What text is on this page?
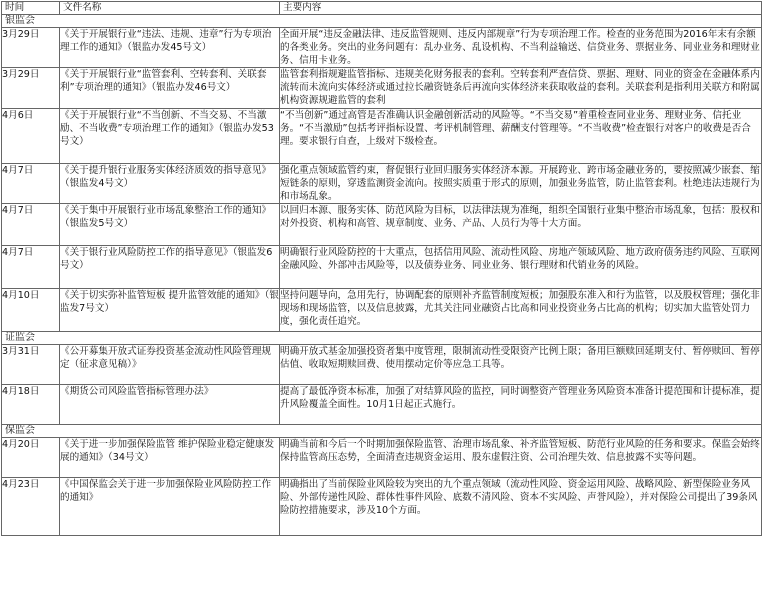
时间	文件名称	主要内容
银监会		
3月29日	《关于开展银行业“违法、违规、违章”行为专项治理工作的通知》（银监办发45号文）	全面开展“违反金融法律、违反监管规则、违反内部规章”行为专项治理工作。检查的业务范围为2016年末有余额的各类业务。突出的业务问题有：乱办业务、乱设机构、不当利益输送、信贷业务、票据业务、同业业务和理财业务、信用卡业务。
3月29日	《关于开展银行业“监管套利、空转套利、关联套利”专项治理的通知》（银监办发46号文）	监管套利指规避监管指标、违规美化财务报表的套利。空转套利严查信贷、票据、理财、同业的资金在金融体系内流转而未流向实体经济或通过拉长融资链条后再流向实体经济来获取收益的套利。关联套利是指利用关联方和附属机构资源规避监管的套利
4月6日	《关于开展银行业“不当创新、不当交易、不当激励、不当收费”专项治理工作的通知》（银监办发53号文）	“不当创新”通过高管是否准确认识金融创新活动的风险等。“不当交易”着重检查同业业务、理财业务、信托业务。“不当激励”包括考评指标设置、考评机制管理、薪酬支付管理等。“不当收费”检查银行对客户的收费是否合理。要求银行自查，上级对下级检查。
4月7日	《关于提升银行业服务实体经济质效的指导意见》（银监发4号文）	强化重点领域监管约束，督促银行业回归服务实体经济本源。开展跨业、跨市场金融业务的，要按照减少嵌套、缩短链条的原则，穿透监测资金流向。按照实质重于形式的原则，加强业务监管，防止监管套利。杜绝违法违规行为和市场乱象。
4月7日	《关于集中开展银行业市场乱象整治工作的通知》（银监发5号文）	以回归本源、服务实体、防范风险为目标，以法律法规为准绳，组织全国银行业集中整治市场乱象，包括：股权和对外投资、机构和高管、规章制度、业务、产品、人员行为等十大方面。
4月7日	《关于银行业风险防控工作的指导意见》（银监发6号文）	明确银行业风险防控的十大重点，包括信用风险、流动性风险、房地产领域风险、地方政府债务违约风险、互联网金融风险、外部冲击风险等，以及债券业务、同业业务、银行理财和代销业务的风险。
4月10日	《关于切实弥补监管短板 提升监管效能的通知》（银监发7号文）	坚持问题导向，急用先行，协调配套的原则补齐监管制度短板；加强股东准入和行为监管，以及股权管理；强化非现场和现场监管，以及信息披露，尤其关注同业融资占比高和同业投资业务占比高的机构；切实加大监管处罚力度，强化责任追究。
证监会		
3月31日	《公开募集开放式证券投资基金流动性风险管理规定（征求意见稿）》	明确开放式基金加强投资者集中度管理，限制流动性受限资产比例上限；备用巨额赎回延期支付、暂停赎回、暂停估值、收取短期赎回费、使用摆动定价等应急工具等。
4月18日	《期货公司风险监管指标管理办法》	提高了最低净资本标准，加强了对结算风险的监控，同时调整资产管理业务风险资本准备计提范围和计提标准，提升风险覆盖全面性。10月1日起正式施行。
保监会		
4月20日	《关于进一步加强保险监管 维护保险业稳定健康发展的通知》（34号文）	明确当前和今后一个时期加强保险监管、治理市场乱象、补齐监管短板、防范行业风险的任务和要求。保监会始终保持监管高压态势，全面清查违规资金运用、股东虚假注资、公司治理失效、信息披露不实等问题。
4月23日	《中国保监会关于进一步加强保险业风险防控工作的通知》	明确指出了当前保险业风险较为突出的九个重点领域（流动性风险、资金运用风险、战略风险、新型保险业务风险、外部传递性风险、群体性事件风险、底数不清风险、资本不实风险、声誉风险），并对保险公司提出了39条风险防控措施要求，涉及10个方面。
